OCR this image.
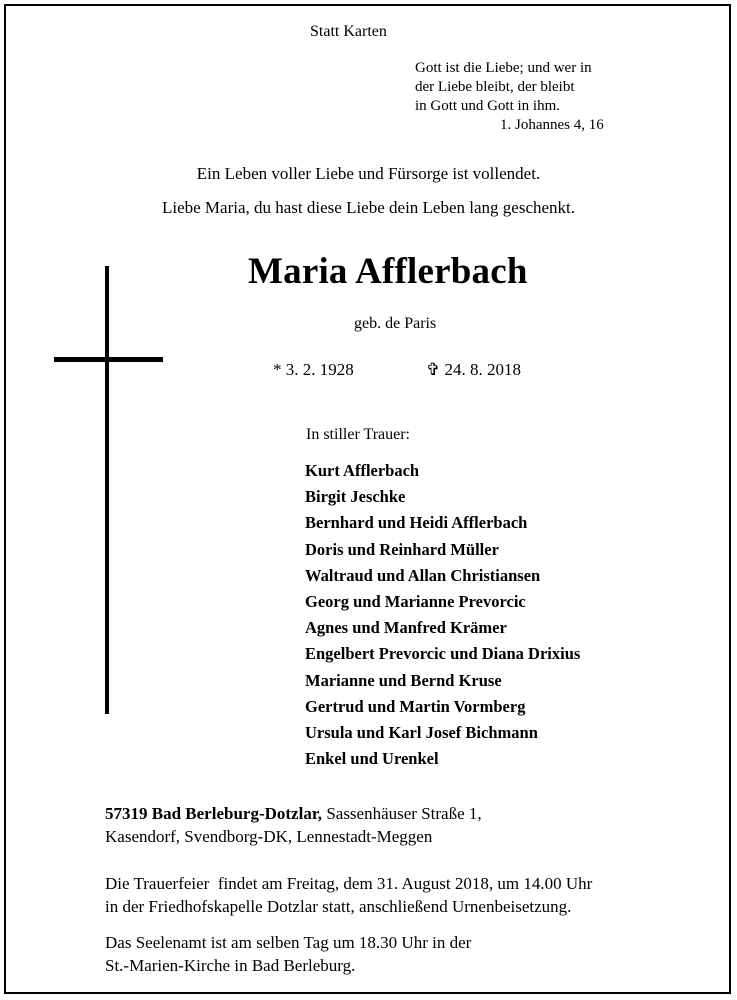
Statt Karten
Gott ist die Liebe; und wer in
der Liebe bleibt, der bleibt
in Gott und Gott in ihm.
1. Johannes 4, 16
Ein Leben voller Liebe und Fürsorge ist vollendet.
Liebe Maria, du hast diese Liebe dein Leben lang geschenkt.
Maria Afflerbach
geb. de Paris
* 3. 2. 1928	✞ 24. 8. 2018
In stiller Trauer:
Kurt Afflerbach
Birgit Jeschke
Bernhard und Heidi Afflerbach
Doris und Reinhard Müller
Waltraud und Allan Christiansen
Georg und Marianne Prevorcic
Agnes und Manfred Krämer
Engelbert Prevorcic und Diana Drixius
Marianne und Bernd Kruse
Gertrud und Martin Vormberg
Ursula und Karl Josef Bichmann
Enkel und Urenkel
57319 Bad Berleburg-Dotzlar, Sassenhäuser Straße 1,
Kasendorf, Svendborg-DK, Lennestadt-Meggen
Die Trauerfeier  findet am Freitag, dem 31. August 2018, um 14.00 Uhr
in der Friedhofskapelle Dotzlar statt, anschließend Urnenbeisetzung.
Das Seelenamt ist am selben Tag um 18.30 Uhr in der
St.-Marien-Kirche in Bad Berleburg.
